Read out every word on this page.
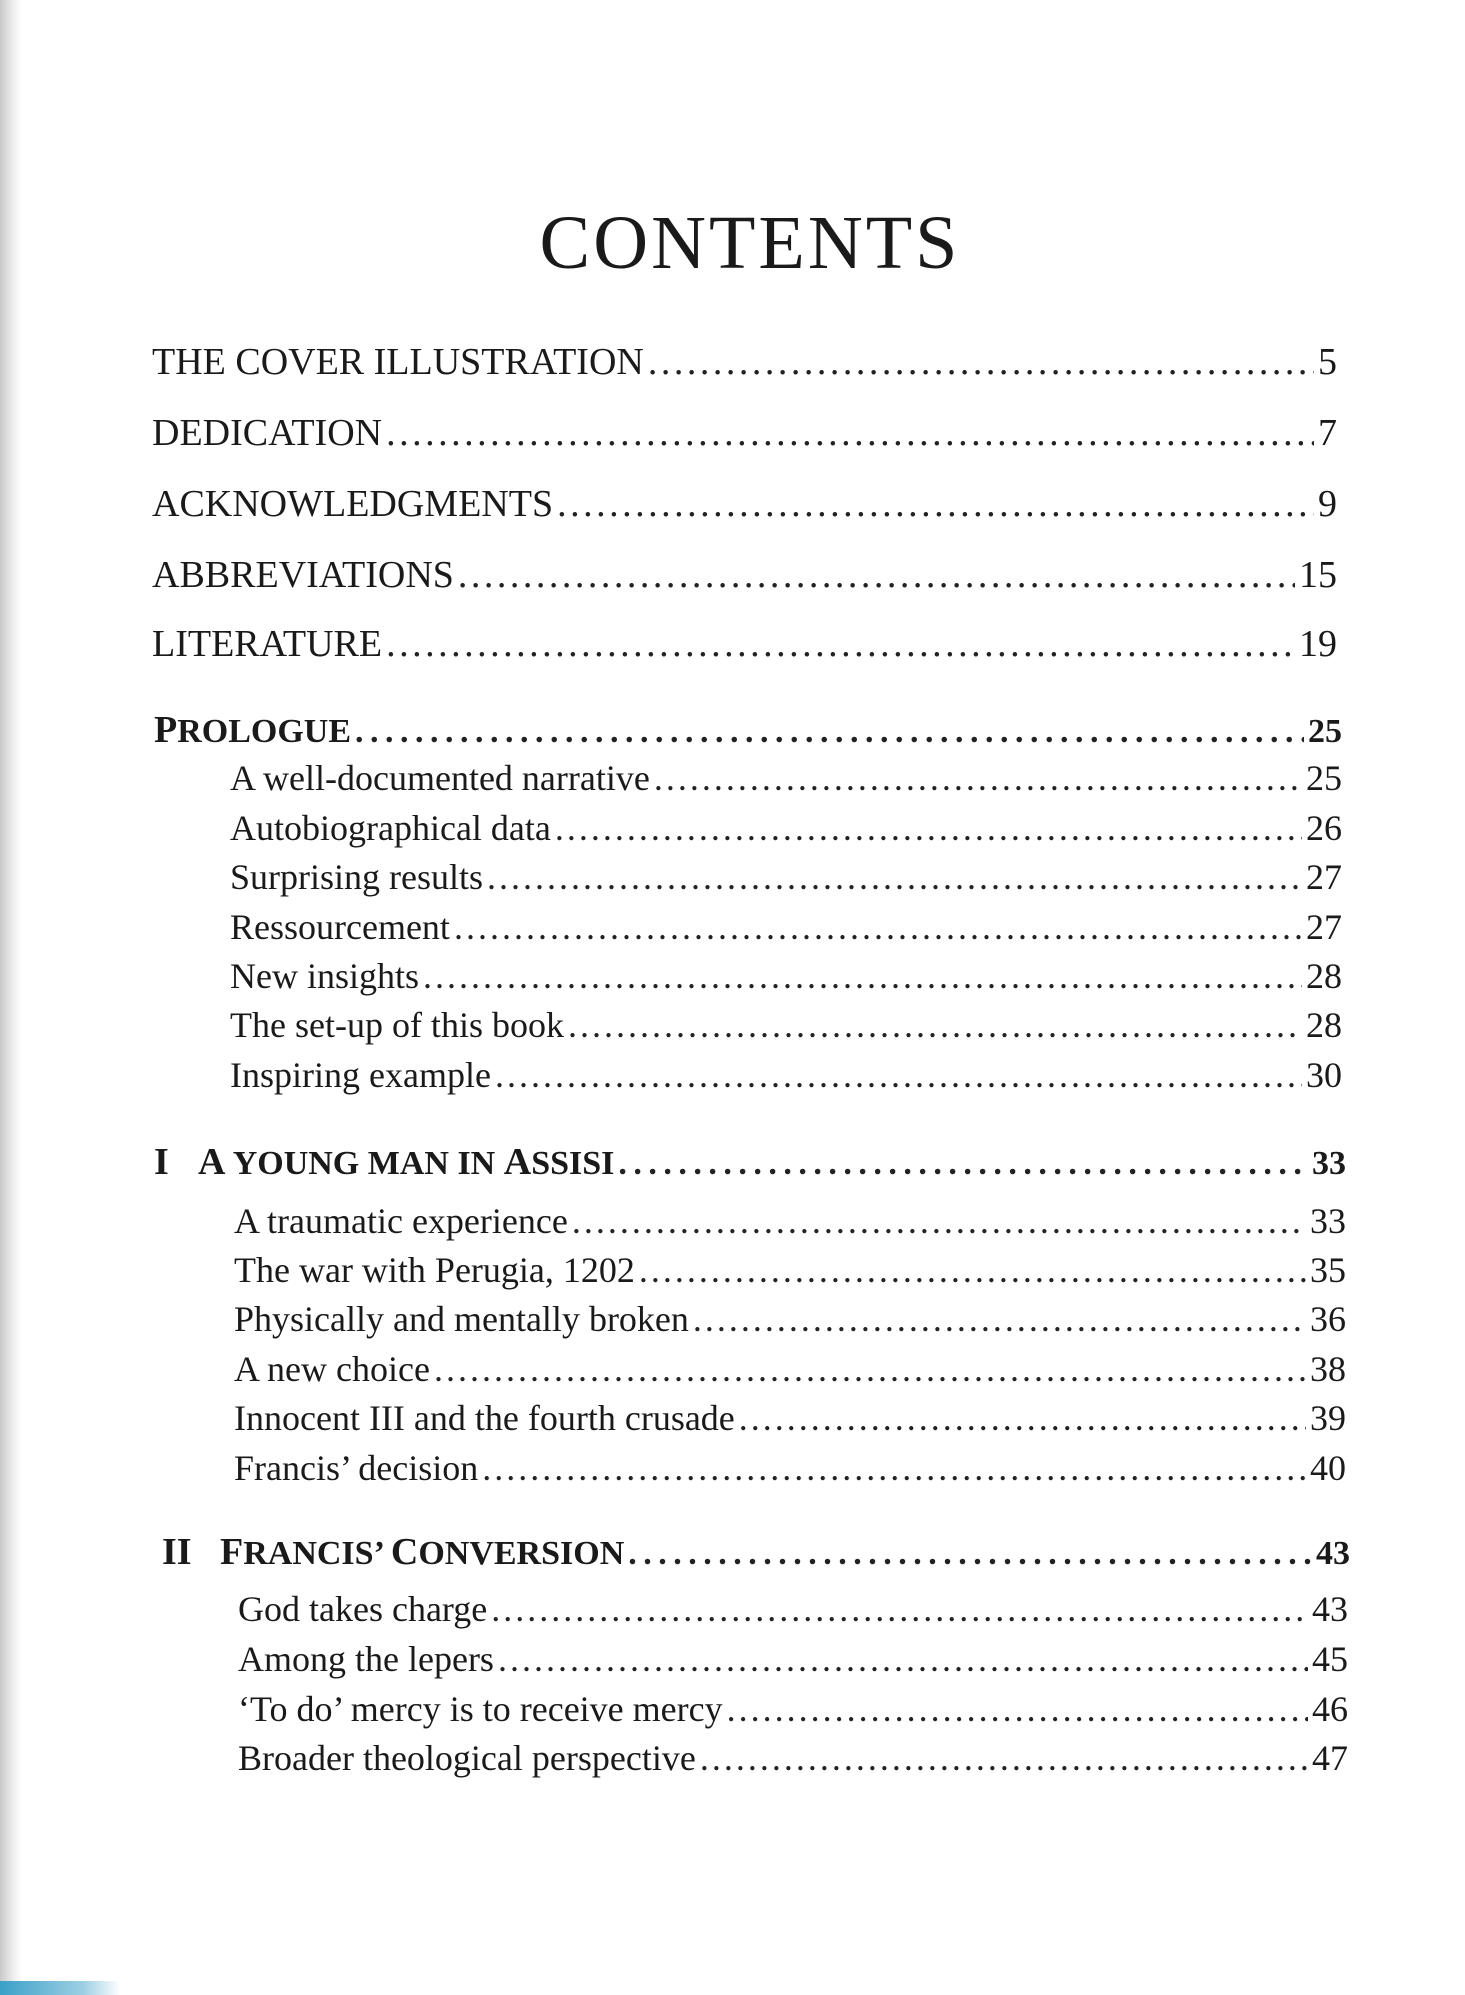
CONTENTS
THE COVER ILLUSTRATION . . .	5
DEDICATION . . .	7
ACKNOWLEDGMENTS . . .	9
ABBREVIATIONS . . .	15
LITERATURE . . .	19
PROLOGUE . . .	25
A well-documented narrative . . .	25
Autobiographical data . . .	26
Surprising results . . .	27
Ressourcement . . .	27
New insights . . .	28
The set-up of this book . . .	28
Inspiring example . . .	30
I A YOUNG MAN IN ASSISI . . .	33
A traumatic experience . . .	33
The war with Perugia, 1202 . . .	35
Physically and mentally broken . . .	36
A new choice . . .	38
Innocent III and the fourth crusade . . .	39
Francis’ decision . . .	40
II FRANCIS’ CONVERSION . . .	43
God takes charge . . .	43
Among the lepers . . .	45
‘To do’ mercy is to receive mercy . . .	46
Broader theological perspective . . .	47
